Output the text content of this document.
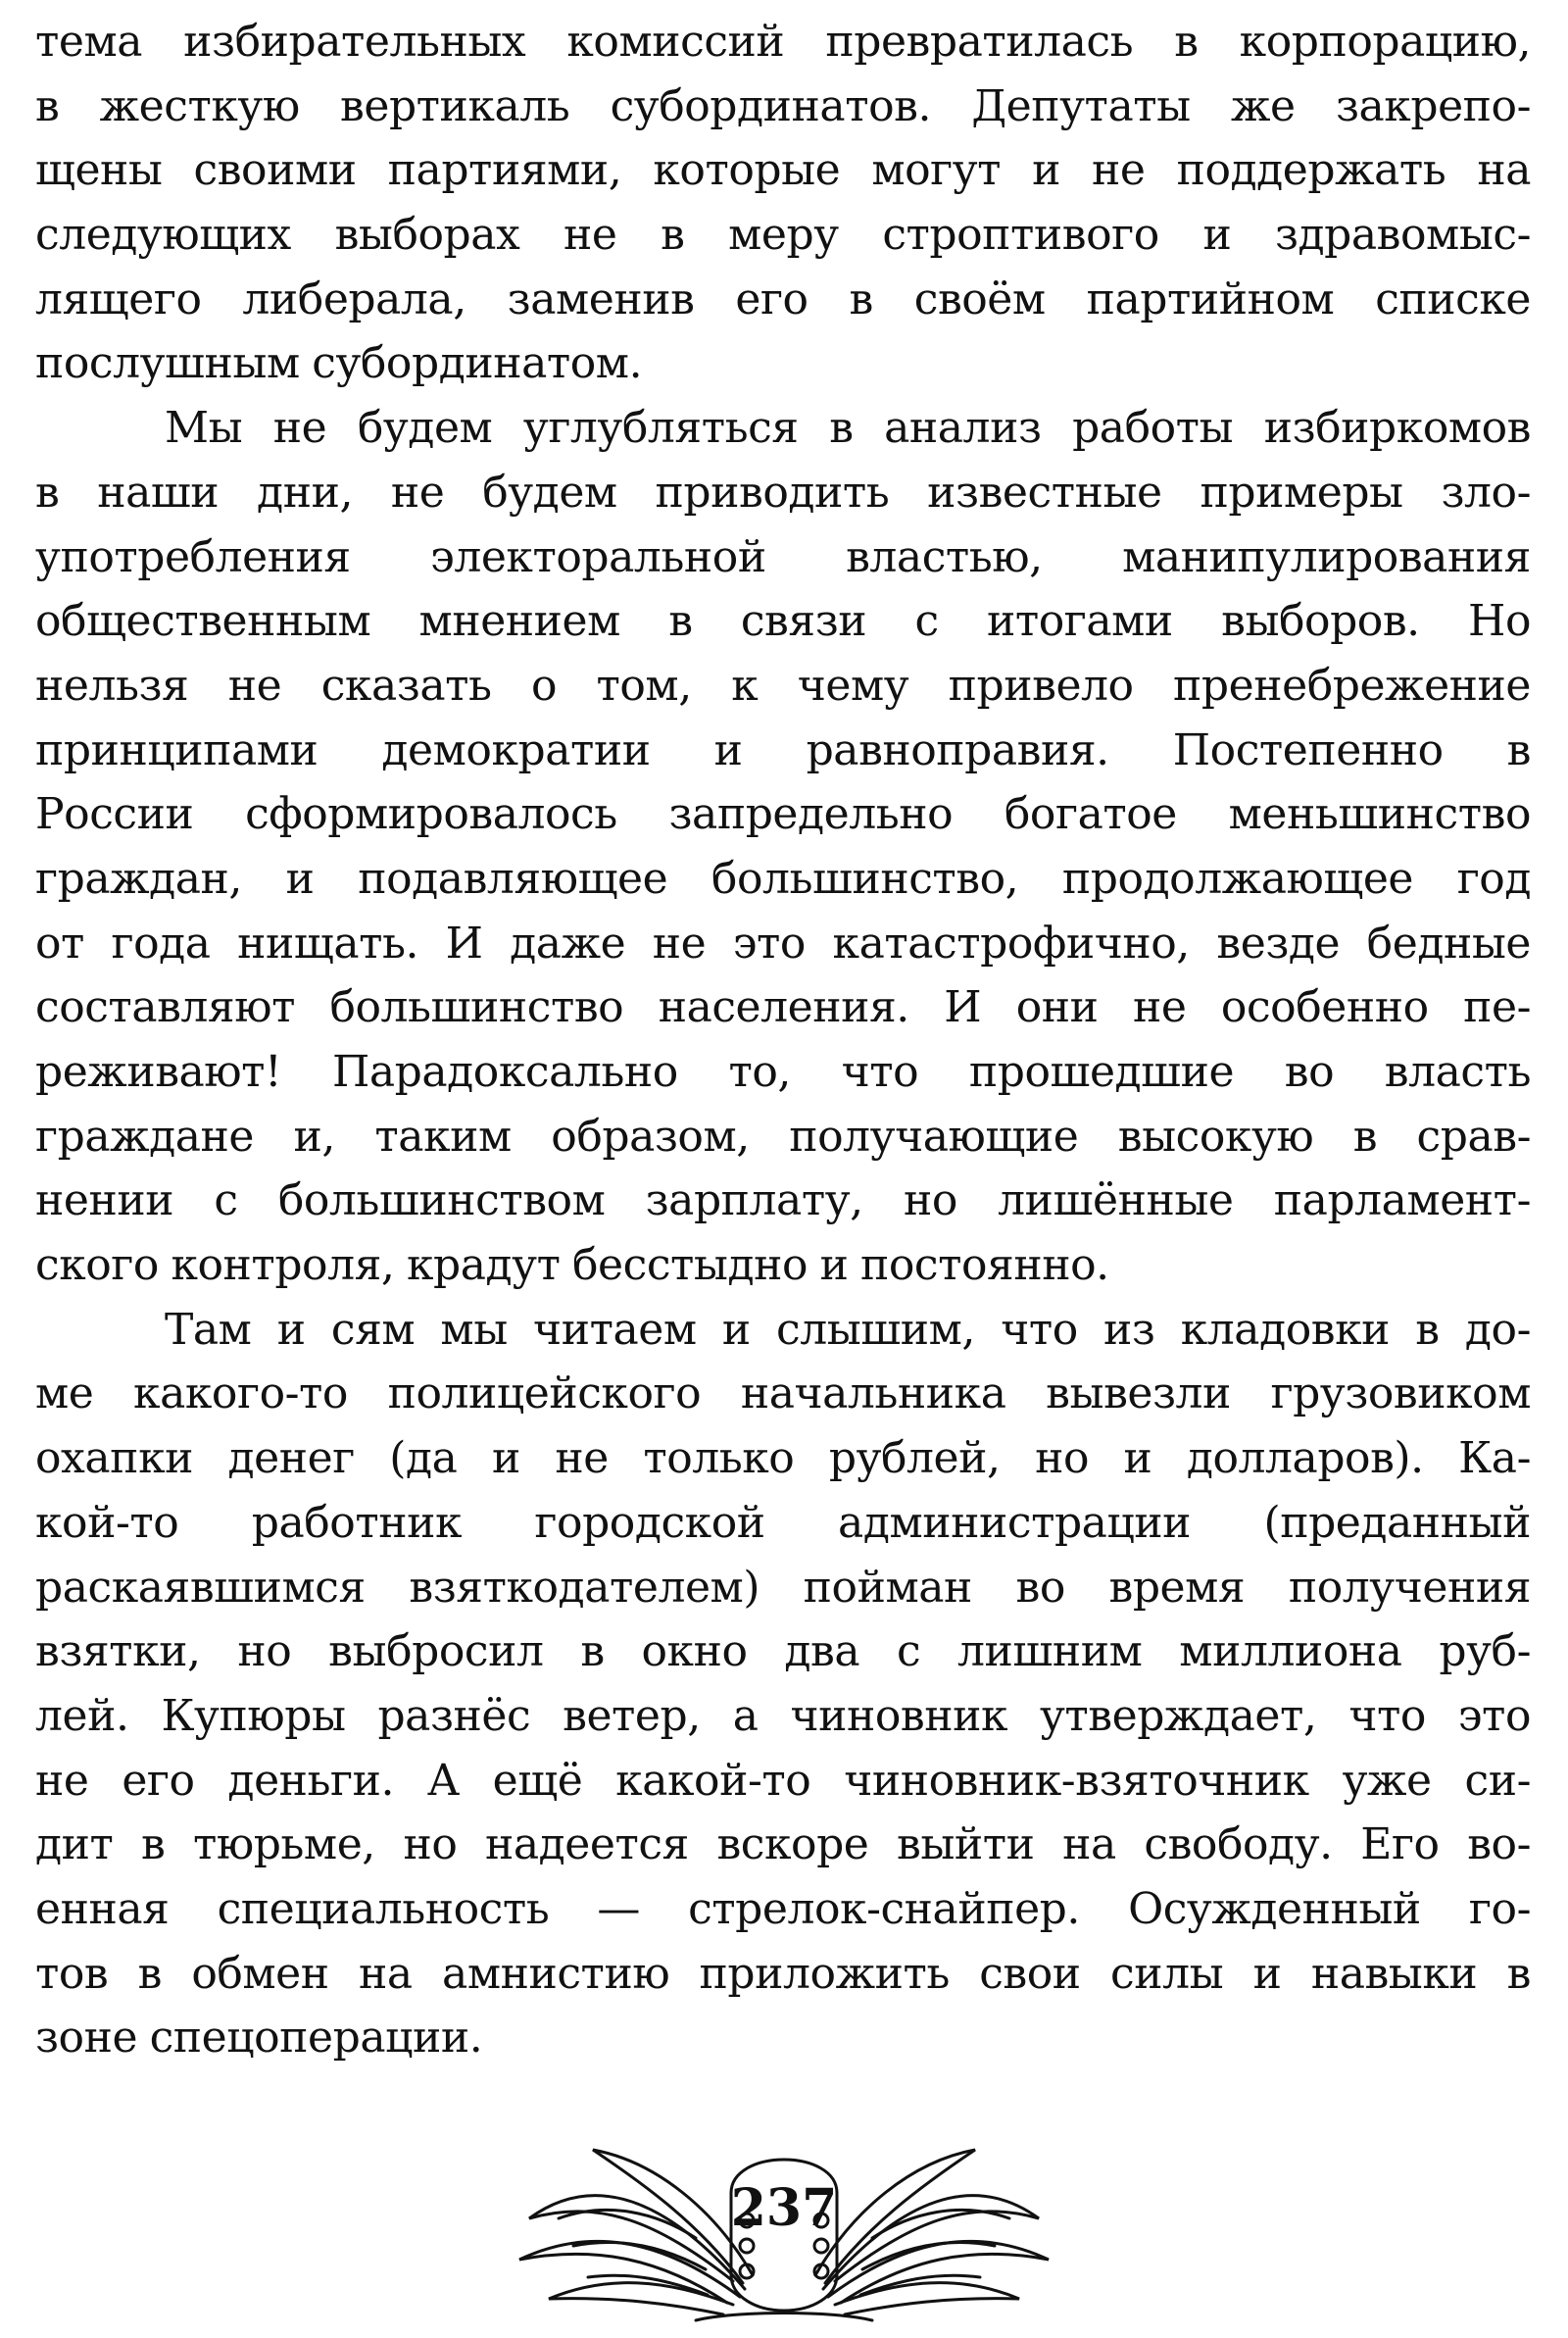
тема избирательных комиссий превратилась в корпорацию,
в жесткую вертикаль субординатов. Депутаты же закрепо-
щены своими партиями, которые могут и не поддержать на
следующих выборах не в меру строптивого и здравомыс-
лящего либерала, заменив его в своём партийном списке
послушным субординатом.
Мы не будем углубляться в анализ работы избиркомов
в наши дни, не будем приводить известные примеры зло-
употребления электоральной властью, манипулирования
общественным мнением в связи с итогами выборов. Но
нельзя не сказать о том, к чему привело пренебрежение
принципами демократии и равноправия. Постепенно в
России сформировалось запредельно богатое меньшинство
граждан, и подавляющее большинство, продолжающее год
от года нищать. И даже не это катастрофично, везде бедные
составляют большинство населения. И они не особенно пе-
реживают! Парадоксально то, что прошедшие во власть
граждане и, таким образом, получающие высокую в срав-
нении с большинством зарплату, но лишённые парламент-
ского контроля, крадут бесстыдно и постоянно.
Там и сям мы читаем и слышим, что из кладовки в до-
ме какого-то полицейского начальника вывезли грузовиком
охапки денег (да и не только рублей, но и долларов). Ка-
кой-то работник городской администрации (преданный
раскаявшимся взяткодателем) пойман во время получения
взятки, но выбросил в окно два с лишним миллиона руб-
лей. Купюры разнёс ветер, а чиновник утверждает, что это
не его деньги. А ещё какой-то чиновник-взяточник уже си-
дит в тюрьме, но надеется вскоре выйти на свободу. Его во-
енная специальность — стрелок-снайпер. Осужденный го-
тов в обмен на амнистию приложить свои силы и навыки в
зоне спецоперации.
237
